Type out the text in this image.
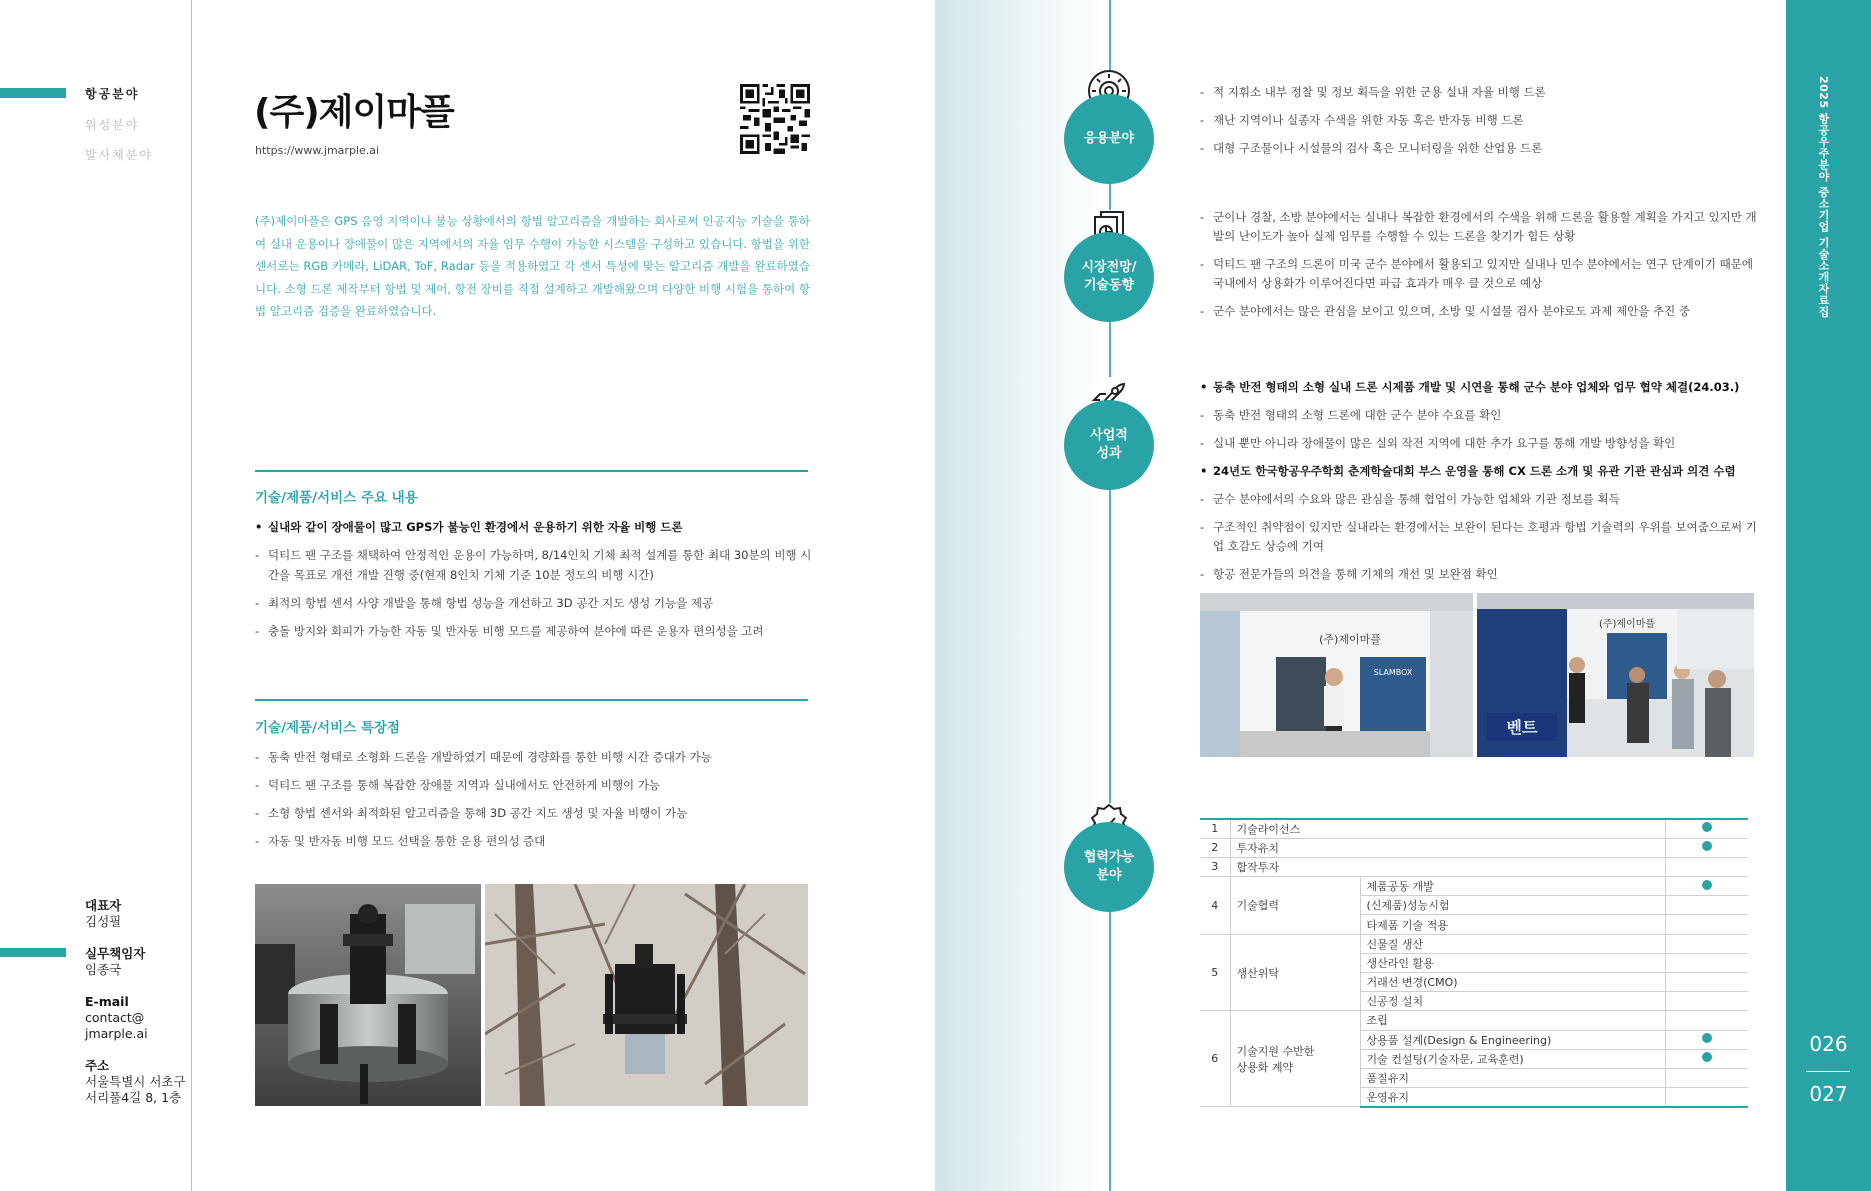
항공분야
위성분야
발사체분야
(주)제이마플
https://www.jmarple.ai
(주)제이마플은 GPS 음영 지역이나 불능 상황에서의 항법 알고리즘을 개발하는 회사로써 인공지능 기술을 통하여 실내 운용이나 장애물이 많은 지역에서의 자율 임무 수행이 가능한 시스템을 구성하고 있습니다. 항법을 위한 센서로는 RGB 카메라, LiDAR, ToF, Radar 등을 적용하였고 각 센서 특성에 맞는 알고리즘 개발을 완료하였습니다. 소형 드론 제작부터 항법 및 제어, 항전 장비를 직접 설계하고 개발해왔으며 다양한 비행 시험을 통하여 항법 알고리즘 검증을 완료하였습니다.
기술/제품/서비스 주요 내용
• 실내와 같이 장애물이 많고 GPS가 불능인 환경에서 운용하기 위한 자율 비행 드론
- 덕티드 팬 구조를 채택하여 안정적인 운용이 가능하며, 8/14인치 기체 최적 설계를 통한 최대 30분의 비행 시간을 목표로 개선 개발 진행 중(현재 8인치 기체 기준 10분 정도의 비행 시간)
- 최적의 항법 센서 사양 개발을 통해 항법 성능을 개선하고 3D 공간 지도 생성 기능을 제공
- 충돌 방지와 회피가 가능한 자동 및 반자동 비행 모드를 제공하여 분야에 따른 운용자 편의성을 고려
기술/제품/서비스 특장점
- 동축 반전 형태로 소형화 드론을 개발하였기 때문에 경량화를 통한 비행 시간 증대가 가능
- 덕티드 팬 구조를 통해 복잡한 장애물 지역과 실내에서도 안전하게 비행이 가능
- 소형 항법 센서와 최적화된 알고리즘을 통해 3D 공간 지도 생성 및 자율 비행이 가능
- 자동 및 반자동 비행 모드 선택을 통한 운용 편의성 증대
대표자
김성필
실무책임자
임종국
E-mail
contact@
jmarple.ai
주소
서울특별시 서초구
서리풀4길 8, 1층
응용분야
시장전망/
기술동향
사업적
성과
협력가능
분야
- 적 지휘소 내부 정찰 및 정보 획득을 위한 군용 실내 자율 비행 드론
- 재난 지역이나 실종자 수색을 위한 자동 혹은 반자동 비행 드론
- 대형 구조물이나 시설물의 검사 혹은 모니터링을 위한 산업용 드론
- 군이나 경찰, 소방 분야에서는 실내나 복잡한 환경에서의 수색을 위해 드론을 활용할 계획을 가지고 있지만 개발의 난이도가 높아 실제 임무를 수행할 수 있는 드론을 찾기가 힘든 상황
- 덕티드 팬 구조의 드론이 미국 군수 분야에서 활용되고 있지만 실내나 민수 분야에서는 연구 단계이기 때문에 국내에서 상용화가 이루어진다면 파급 효과가 매우 클 것으로 예상
- 군수 분야에서는 많은 관심을 보이고 있으며, 소방 및 시설물 검사 분야로도 과제 제안을 추진 중
• 동축 반전 형태의 소형 실내 드론 시제품 개발 및 시연을 통해 군수 분야 업체와 업무 협약 체결(24.03.)
- 동축 반전 형태의 소형 드론에 대한 군수 분야 수요를 확인
- 실내 뿐만 아니라 장애물이 많은 실외 작전 지역에 대한 추가 요구를 통해 개발 방향성을 확인
• 24년도 한국항공우주학회 춘계학술대회 부스 운영을 통해 CX 드론 소개 및 유관 기관 관심과 의견 수렴
- 군수 분야에서의 수요와 많은 관심을 통해 협업이 가능한 업체와 기관 정보를 획득
- 구조적인 취약점이 있지만 실내라는 환경에서는 보완이 된다는 호평과 항법 기술력의 우위를 보여줌으로써 기업 호감도 상승에 기여
- 항공 전문가들의 의견을 통해 기체의 개선 및 보완점 확인
(주)제이마플
SLAMBOX
벤트
(주)제이마플
1	기술라이선스		
2	투자유치		
3	합작투자		
4	기술협력	제품공동 개발	
		(신제품)성능시험	
		타제품 기술 적용	
5	생산위탁	신물질 생산	
		생산라인 활용	
		거래선 변경(CMO)	
		신공정 설치	
6	기술지원 수반한
상용화 계약	조립	
		상용품 설계(Design & Engineering)	
		기술 컨설팅(기술자문, 교육훈련)	
		품질유지	
		운영유지	
2025 항공우주분야 중소기업 기술소개자료집
026
027
